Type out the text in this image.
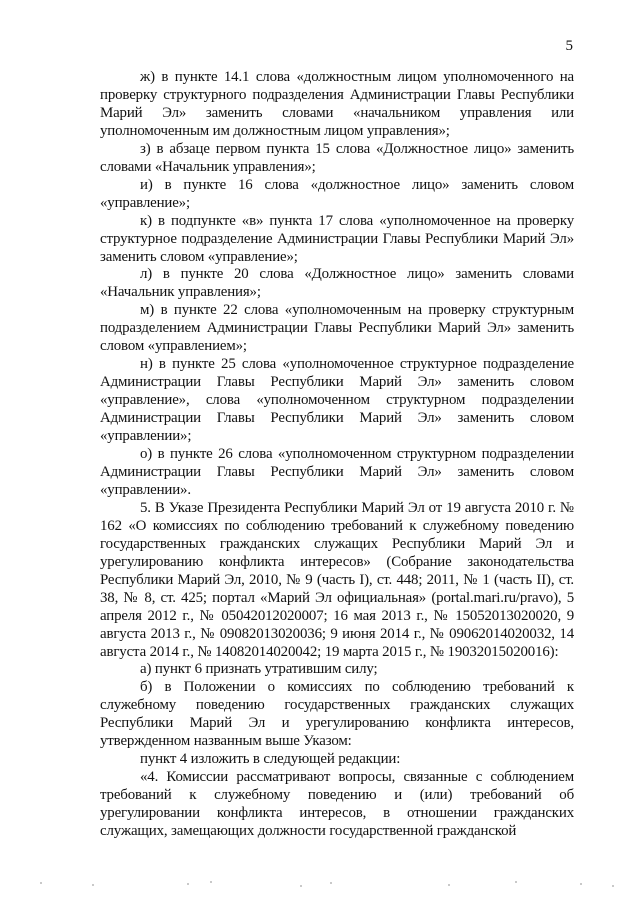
5

ж) в пункте 14.1 слова «должностным лицом уполномоченного на проверку структурного подразделения Администрации Главы Республики Марий Эл» заменить словами «начальником управления или уполномоченным им должностным лицом управления»;

з) в абзаце первом пункта 15 слова «Должностное лицо» заменить словами «Начальник управления»;

и) в пункте 16 слова «должностное лицо» заменить словом «управление»;

к) в подпункте «в» пункта 17 слова «уполномоченное на проверку структурное подразделение Администрации Главы Республики Марий Эл» заменить словом «управление»;

л) в пункте 20 слова «Должностное лицо» заменить словами «Начальник управления»;

м) в пункте 22 слова «уполномоченным на проверку структурным подразделением Администрации Главы Республики Марий Эл» заменить словом «управлением»;

н) в пункте 25 слова «уполномоченное структурное подразделение Администрации Главы Республики Марий Эл» заменить словом «управление», слова «уполномоченном структурном подразделении Администрации Главы Республики Марий Эл» заменить словом «управлении»;

о) в пункте 26 слова «уполномоченном структурном подразделении Администрации Главы Республики Марий Эл» заменить словом «управлении».

5. В Указе Президента Республики Марий Эл от 19 августа 2010 г. № 162 «О комиссиях по соблюдению требований к служебному поведению государственных гражданских служащих Республики Марий Эл и урегулированию конфликта интересов» (Собрание законодательства Республики Марий Эл, 2010, № 9 (часть I), ст. 448; 2011, № 1 (часть II), ст. 38, № 8, ст. 425; портал «Марий Эл официальная» (portal.mari.ru/pravo), 5 апреля 2012 г., № 05042012020007; 16 мая 2013 г., № 15052013020020, 9 августа 2013 г., № 09082013020036; 9 июня 2014 г., № 09062014020032, 14 августа 2014 г., № 14082014020042; 19 марта 2015 г., № 19032015020016):

а) пункт 6 признать утратившим силу;

б) в Положении о комиссиях по соблюдению требований к служебному поведению государственных гражданских служащих Республики Марий Эл и урегулированию конфликта интересов, утвержденном названным выше Указом:

пункт 4 изложить в следующей редакции:

«4. Комиссии рассматривают вопросы, связанные с соблюдением требований к служебному поведению и (или) требований об урегулировании конфликта интересов, в отношении гражданских служащих, замещающих должности государственной гражданской
